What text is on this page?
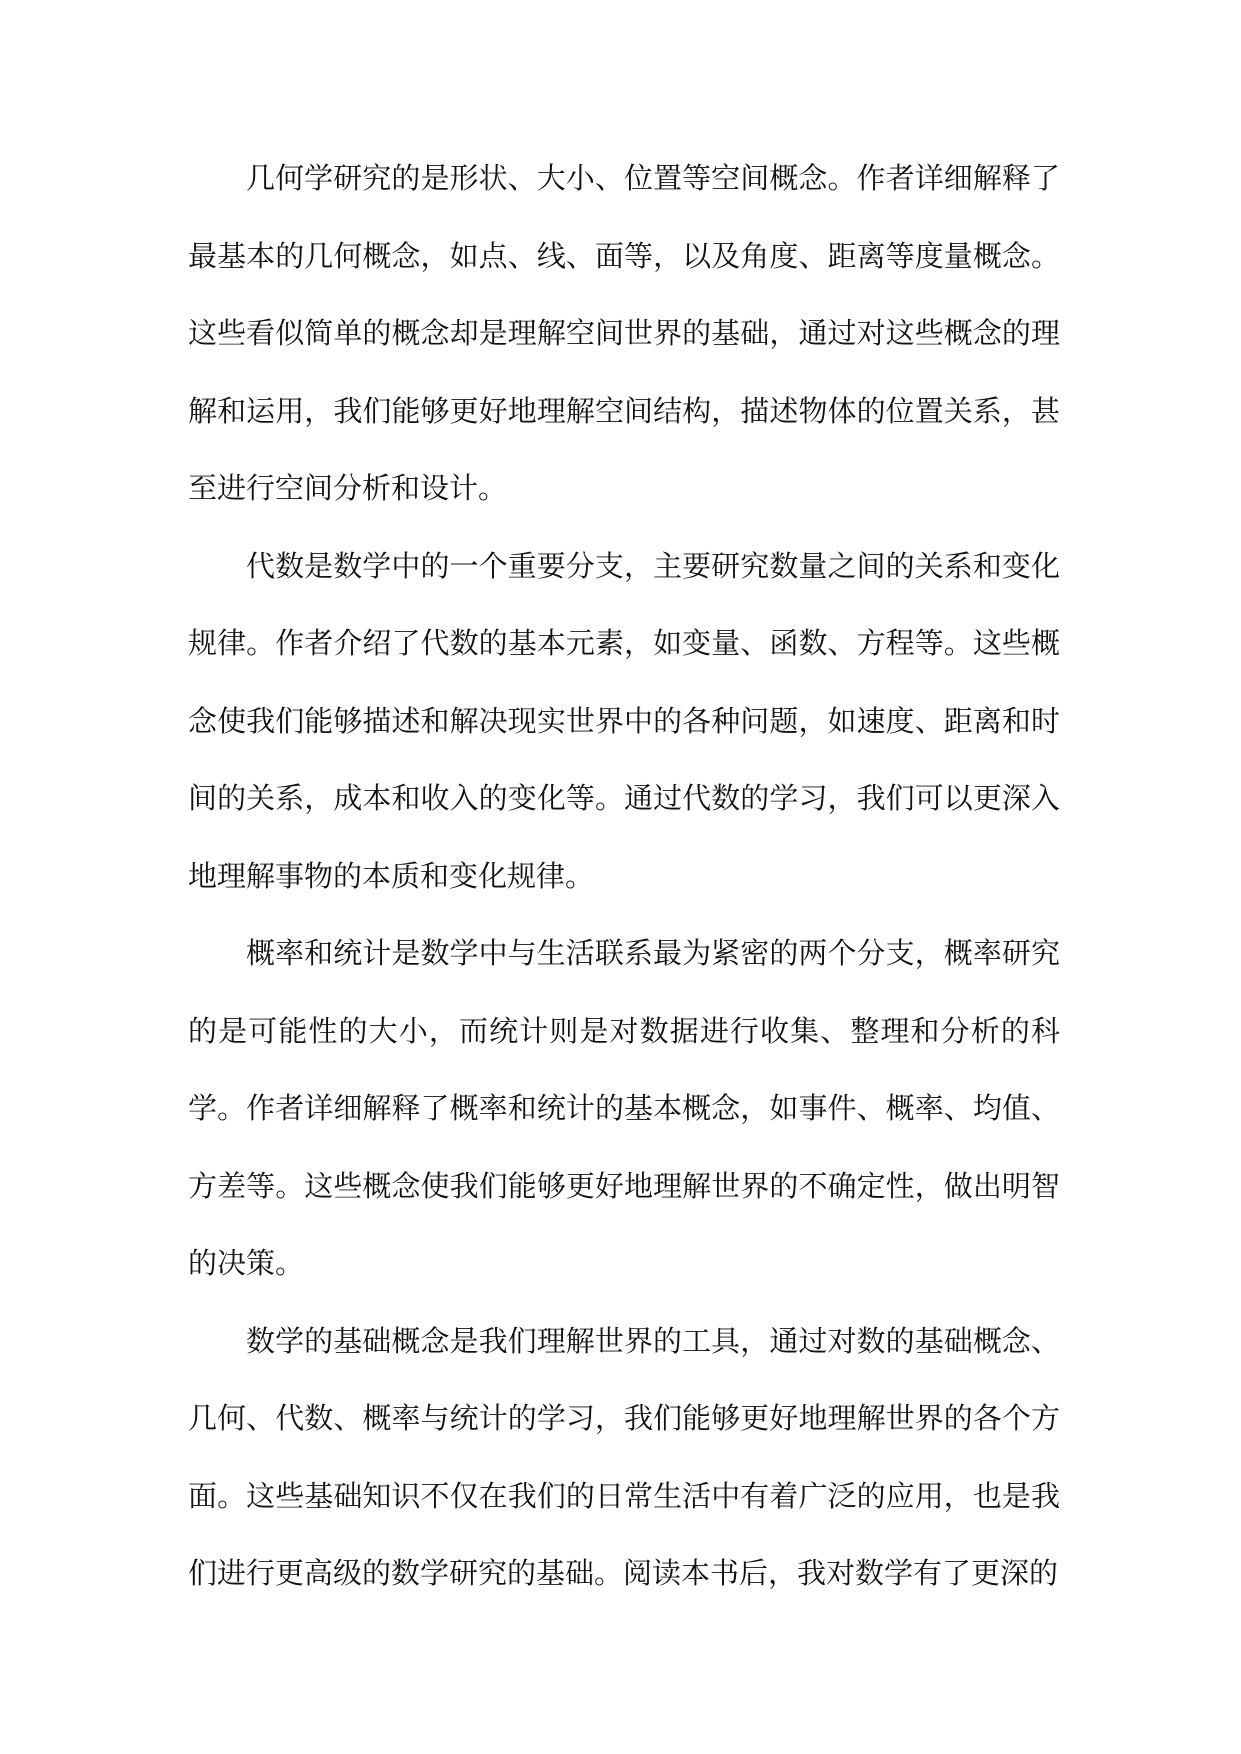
几何学研究的是形状、大小、位置等空间概念。作者详细解释了最基本的几何概念，如点、线、面等，以及角度、距离等度量概念。这些看似简单的概念却是理解空间世界的基础，通过对这些概念的理解和运用，我们能够更好地理解空间结构，描述物体的位置关系，甚至进行空间分析和设计。

代数是数学中的一个重要分支，主要研究数量之间的关系和变化规律。作者介绍了代数的基本元素，如变量、函数、方程等。这些概念使我们能够描述和解决现实世界中的各种问题，如速度、距离和时间的关系，成本和收入的变化等。通过代数的学习，我们可以更深入地理解事物的本质和变化规律。

概率和统计是数学中与生活联系最为紧密的两个分支，概率研究的是可能性的大小，而统计则是对数据进行收集、整理和分析的科学。作者详细解释了概率和统计的基本概念，如事件、概率、均值、方差等。这些概念使我们能够更好地理解世界的不确定性，做出明智的决策。

数学的基础概念是我们理解世界的工具，通过对数的基础概念、几何、代数、概率与统计的学习，我们能够更好地理解世界的各个方面。这些基础知识不仅在我们的日常生活中有着广泛的应用，也是我们进行更高级的数学研究的基础。阅读本书后，我对数学有了更深的
